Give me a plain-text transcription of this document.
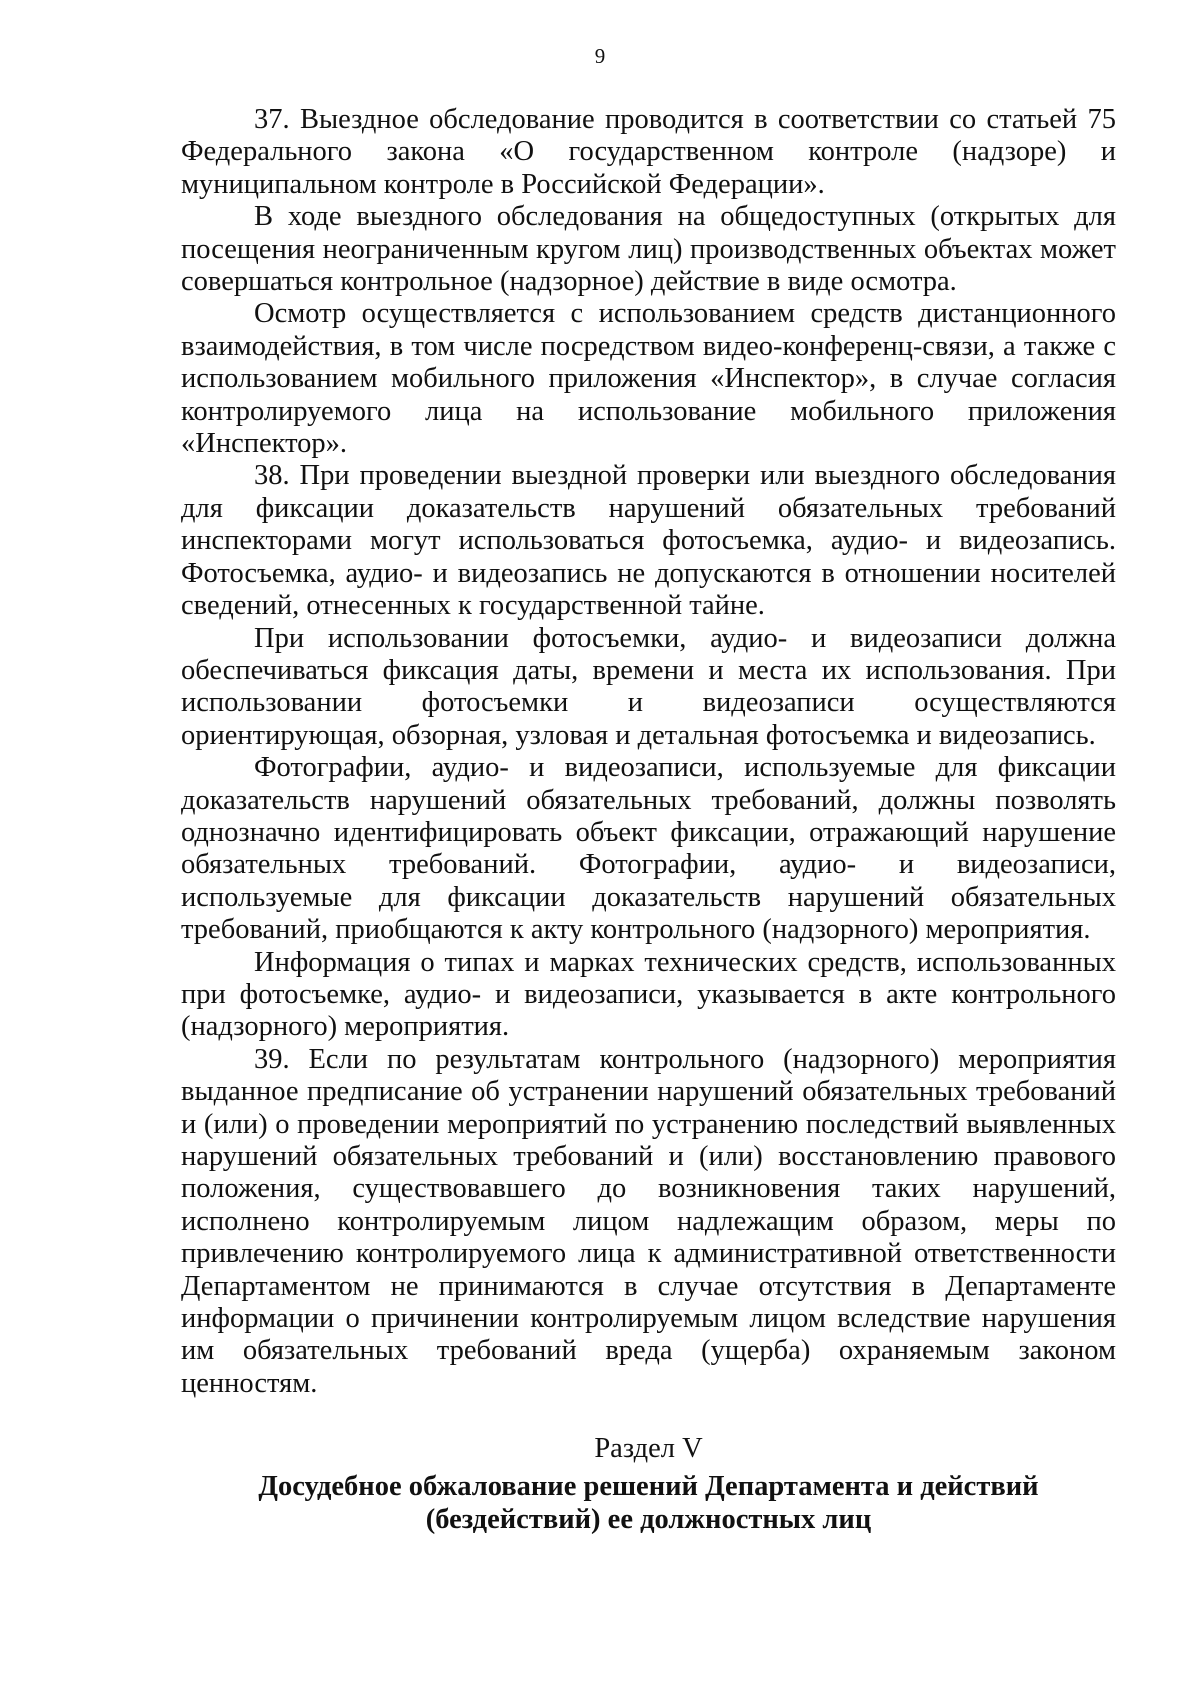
9

37. Выездное обследование проводится в соответствии со статьей 75 Федерального закона «О государственном контроле (надзоре) и муниципальном контроле в Российской Федерации».

В ходе выездного обследования на общедоступных (открытых для посещения неограниченным кругом лиц) производственных объектах может совершаться контрольное (надзорное) действие в виде осмотра.

Осмотр осуществляется с использованием средств дистанционного взаимодействия, в том числе посредством видео-конференц-связи, а также с использованием мобильного приложения «Инспектор», в случае согласия контролируемого лица на использование мобильного приложения «Инспектор».

38. При проведении выездной проверки или выездного обследования для фиксации доказательств нарушений обязательных требований инспекторами могут использоваться фотосъемка, аудио- и видеозапись. Фотосъемка, аудио- и видеозапись не допускаются в отношении носителей сведений, отнесенных к государственной тайне.

При использовании фотосъемки, аудио- и видеозаписи должна обеспечиваться фиксация даты, времени и места их использования. При использовании фотосъемки и видеозаписи осуществляются ориентирующая, обзорная, узловая и детальная фотосъемка и видеозапись.

Фотографии, аудио- и видеозаписи, используемые для фиксации доказательств нарушений обязательных требований, должны позволять однозначно идентифицировать объект фиксации, отражающий нарушение обязательных требований. Фотографии, аудио- и видеозаписи, используемые для фиксации доказательств нарушений обязательных требований, приобщаются к акту контрольного (надзорного) мероприятия.

Информация о типах и марках технических средств, использованных при фотосъемке, аудио- и видеозаписи, указывается в акте контрольного (надзорного) мероприятия.

39. Если по результатам контрольного (надзорного) мероприятия выданное предписание об устранении нарушений обязательных требований и (или) о проведении мероприятий по устранению последствий выявленных нарушений обязательных требований и (или) восстановлению правового положения, существовавшего до возникновения таких нарушений, исполнено контролируемым лицом надлежащим образом, меры по привлечению контролируемого лица к административной ответственности Департаментом не принимаются в случае отсутствия в Департаменте информации о причинении контролируемым лицом вследствие нарушения им обязательных требований вреда (ущерба) охраняемым законом ценностям.

Раздел V

Досудебное обжалование решений Департамента и действий
(бездействий) ее должностных лиц
